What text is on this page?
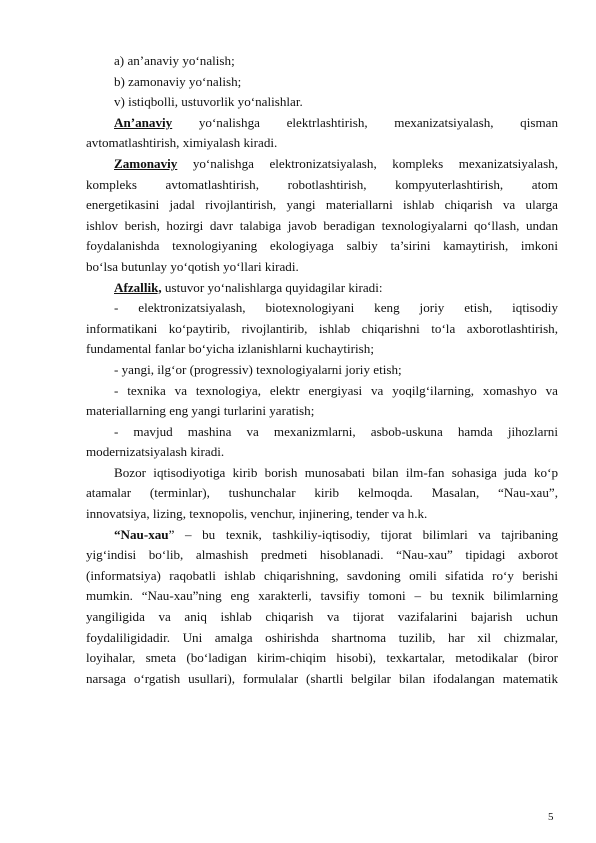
a) an’anaviy yo‘nalish;
b) zamonaviy yo‘nalish;
v) istiqbolli, ustuvorlik yo‘nalishlar.
An’anaviy yo‘nalishga elektrlashtirish, mexanizatsiyalash, qisman
avtomatlashtirish, ximiyalash kiradi.
Zamonaviy yo‘nalishga elektronizatsiyalash, kompleks mexanizatsiyalash,
kompleks avtomatlashtirish, robotlashtirish, kompyuterlashtirish, atom
energetikasini jadal rivojlantirish, yangi materiallarni ishlab chiqarish va ularga
ishlov berish, hozirgi davr talabiga javob beradigan texnologiyalarni qo‘llash, undan
foydalanishda texnologiyaning ekologiyaga salbiy ta’sirini kamaytirish, imkoni
bo‘lsa butunlay yo‘qotish yo‘llari kiradi.
Afzallik, ustuvor yo‘nalishlarga quyidagilar kiradi:
- elektronizatsiyalash, biotexnologiyani keng joriy etish, iqtisodiy
informatikani ko‘paytirib, rivojlantirib, ishlab chiqarishni to‘la axborotlashtirish,
fundamental fanlar bo‘yicha izlanishlarni kuchaytirish;
- yangi, ilg‘or (progressiv) texnologiyalarni joriy etish;
- texnika va texnologiya, elektr energiyasi va yoqilg‘ilarning, xomashyo va
materiallarning eng yangi turlarini yaratish;
- mavjud mashina va mexanizmlarni, asbob-uskuna hamda jihozlarni
modernizatsiyalash kiradi.
Bozor iqtisodiyotiga kirib borish munosabati bilan ilm-fan sohasiga juda ko‘p
atamalar (terminlar), tushunchalar kirib kelmoqda. Masalan, “Nau-xau”,
innovatsiya, lizing, texnopolis, venchur, injinering, tender va h.k.
“Nau-xau” – bu texnik, tashkiliy-iqtisodiy, tijorat bilimlari va tajribaning
yig‘indisi bo‘lib, almashish predmeti hisoblanadi. “Nau-xau” tipidagi axborot
(informatsiya) raqobatli ishlab chiqarishning, savdoning omili sifatida ro‘y berishi
mumkin. “Nau-xau”ning eng xarakterli, tavsifiy tomoni – bu texnik bilimlarning
yangiligida va aniq ishlab chiqarish va tijorat vazifalarini bajarish uchun
foydaliligidadir. Uni amalga oshirishda shartnoma tuzilib, har xil chizmalar,
loyihalar, smeta (bo‘ladigan kirim-chiqim hisobi), texkartalar, metodikalar (biror
narsaga o‘rgatish usullari), formulalar (shartli belgilar bilan ifodalangan matematik
5
